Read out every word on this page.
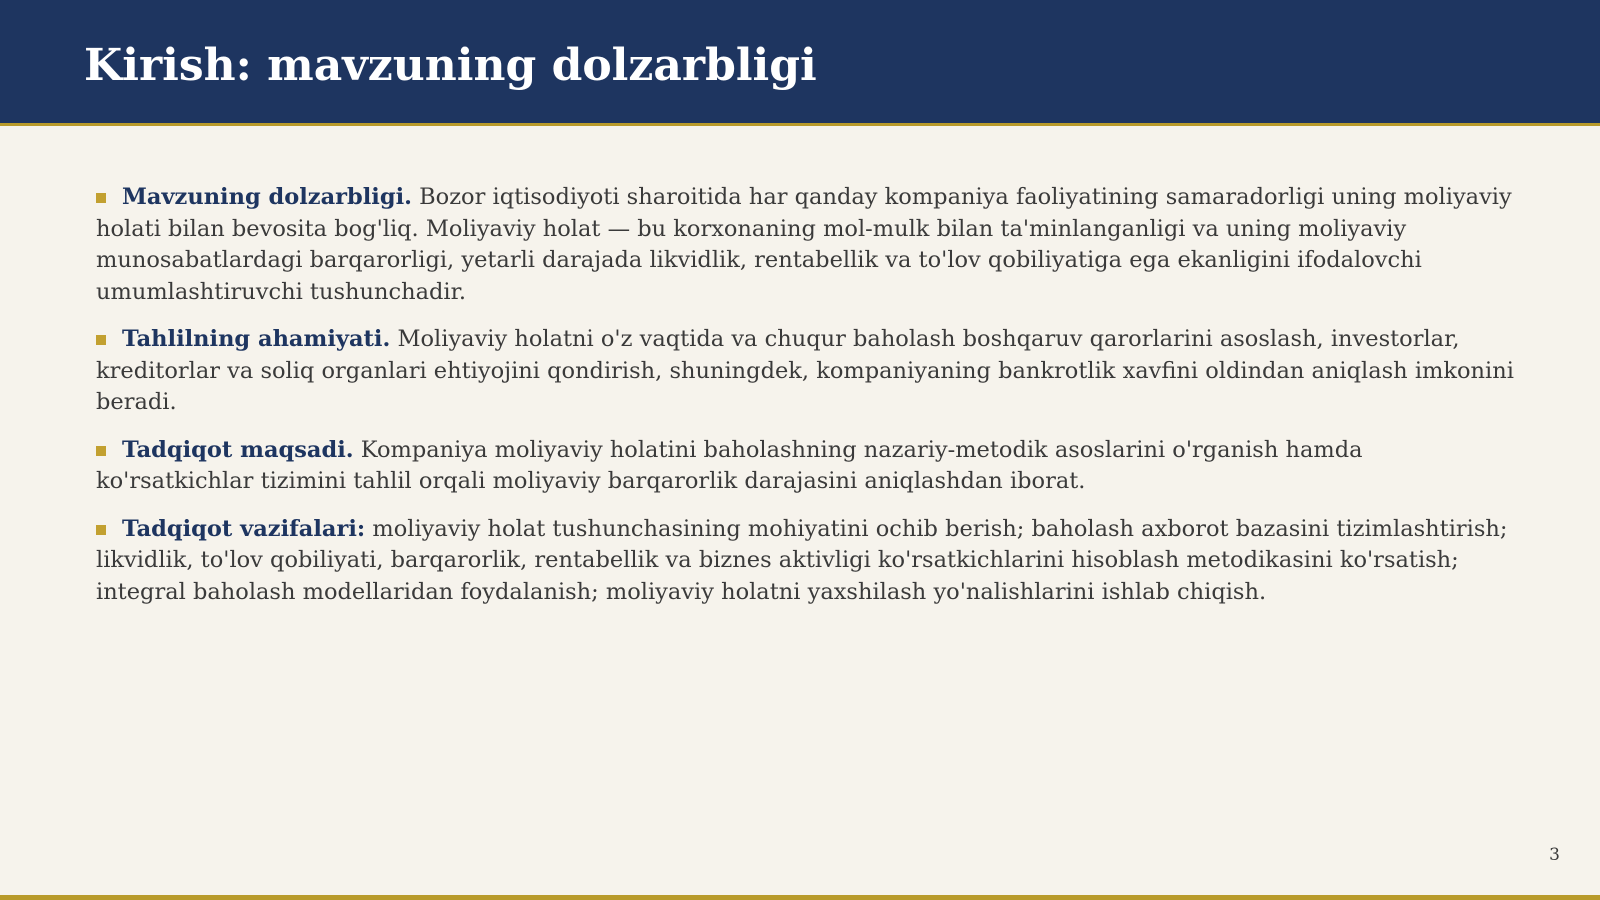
Kirish: mavzuning dolzarbligi

Mavzuning dolzarbligi. Bozor iqtisodiyoti sharoitida har qanday kompaniya faoliyatining samaradorligi uning moliyaviy holati bilan bevosita bog'liq. Moliyaviy holat — bu korxonaning mol-mulk bilan ta'minlanganligi va uning moliyaviy munosabatlardagi barqarorligi, yetarli darajada likvidlik, rentabellik va to'lov qobiliyatiga ega ekanligini ifodalovchi umumlashtiruvchi tushunchadir.

Tahlilning ahamiyati. Moliyaviy holatni o'z vaqtida va chuqur baholash boshqaruv qarorlarini asoslash, investorlar, kreditorlar va soliq organlari ehtiyojini qondirish, shuningdek, kompaniyaning bankrotlik xavfini oldindan aniqlash imkonini beradi.

Tadqiqot maqsadi. Kompaniya moliyaviy holatini baholashning nazariy-metodik asoslarini o'rganish hamda ko'rsatkichlar tizimini tahlil orqali moliyaviy barqarorlik darajasini aniqlashdan iborat.

Tadqiqot vazifalari: moliyaviy holat tushunchasining mohiyatini ochib berish; baholash axborot bazasini tizimlashtirish; likvidlik, to'lov qobiliyati, barqarorlik, rentabellik va biznes aktivligi ko'rsatkichlarini hisoblash metodikasini ko'rsatish; integral baholash modellaridan foydalanish; moliyaviy holatni yaxshilash yo'nalishlarini ishlab chiqish.

3
